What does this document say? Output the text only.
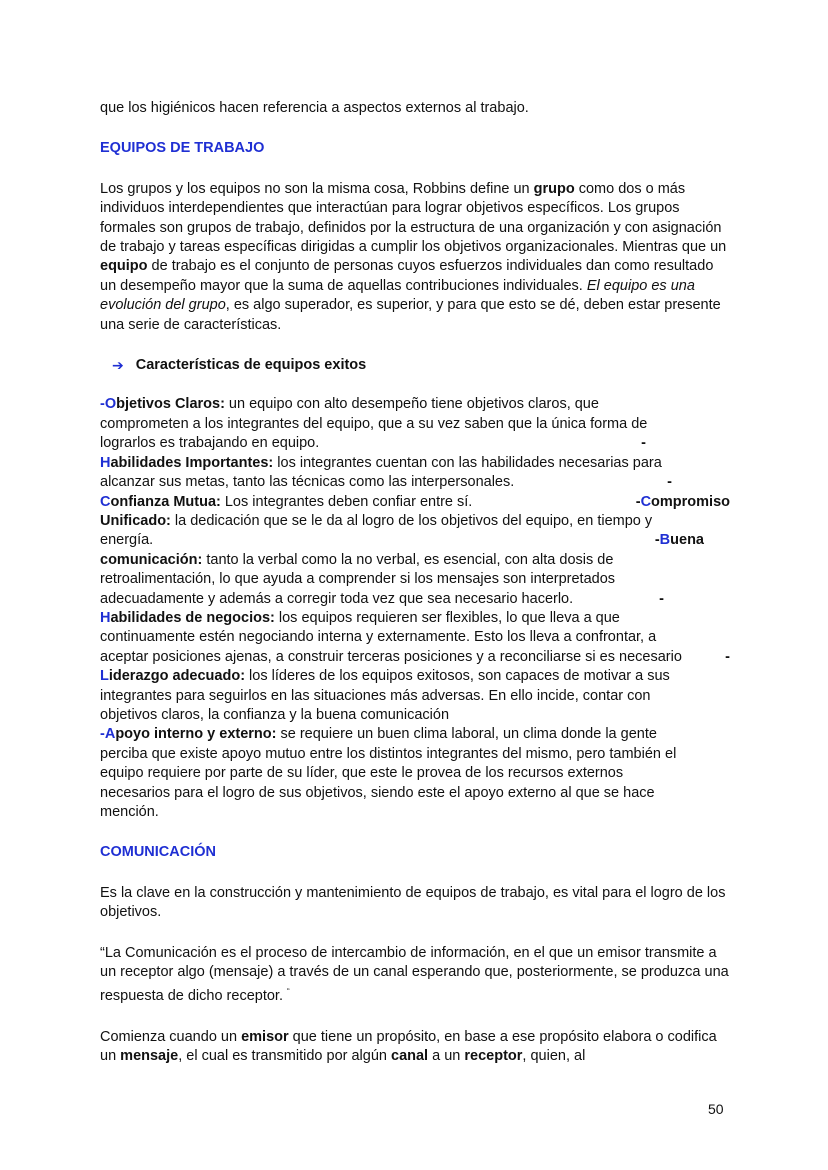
que los higiénicos hacen referencia a aspectos externos al trabajo.

EQUIPOS DE TRABAJO

Los grupos y los equipos no son la misma cosa, Robbins define un grupo como dos o más individuos interdependientes que interactúan para lograr objetivos específicos. Los grupos formales son grupos de trabajo, definidos por la estructura de una organización y con asignación de trabajo y tareas específicas dirigidas a cumplir los objetivos organizacionales. Mientras que un equipo de trabajo es el conjunto de personas cuyos esfuerzos individuales dan como resultado un desempeño mayor que la suma de aquellas contribuciones individuales. El equipo es una evolución del grupo, es algo superador, es superior, y para que esto se dé, deben estar presente una serie de características.

➔ Características de equipos exitos

-Objetivos Claros: un equipo con alto desempeño tiene objetivos claros, que

comprometen a los integrantes del equipo, que a su vez saben que la única forma de

lograrlos es trabajando en equipo.	-

Habilidades Importantes: los integrantes cuentan con las habilidades necesarias para

alcanzar sus metas, tanto las técnicas como las interpersonales.	-

Confianza Mutua: Los integrantes deben confiar entre sí.	-Compromiso

Unificado: la dedicación que se le da al logro de los objetivos del equipo, en tiempo y

energía.	-Buena

comunicación: tanto la verbal como la no verbal, es esencial, con alta dosis de

retroalimentación, lo que ayuda a comprender si los mensajes son interpretados

adecuadamente y además a corregir toda vez que sea necesario hacerlo.	-

Habilidades de negocios: los equipos requieren ser flexibles, lo que lleva a que

continuamente estén negociando interna y externamente. Esto los lleva a confrontar, a

aceptar posiciones ajenas, a construir terceras posiciones y a reconciliarse si es necesario	-

Liderazgo adecuado: los líderes de los equipos exitosos, son capaces de motivar a sus

integrantes para seguirlos en las situaciones más adversas. En ello incide, contar con

objetivos claros, la confianza y la buena comunicación

-Apoyo interno y externo: se requiere un buen clima laboral, un clima donde la gente

perciba que existe apoyo mutuo entre los distintos integrantes del mismo, pero también el

equipo requiere por parte de su líder, que este le provea de los recursos externos

necesarios para el logro de sus objetivos, siendo este el apoyo externo al que se hace

mención.

COMUNICACIÓN

Es la clave en la construcción y mantenimiento de equipos de trabajo, es vital para el logro de los objetivos.

“La Comunicación es el proceso de intercambio de información, en el que un emisor transmite a un receptor algo (mensaje) a través de un canal esperando que, posteriormente, se produzca una respuesta de dicho receptor. “

Comienza cuando un emisor que tiene un propósito, en base a ese propósito elabora o codifica un mensaje, el cual es transmitido por algún canal a un receptor, quien, al

50
